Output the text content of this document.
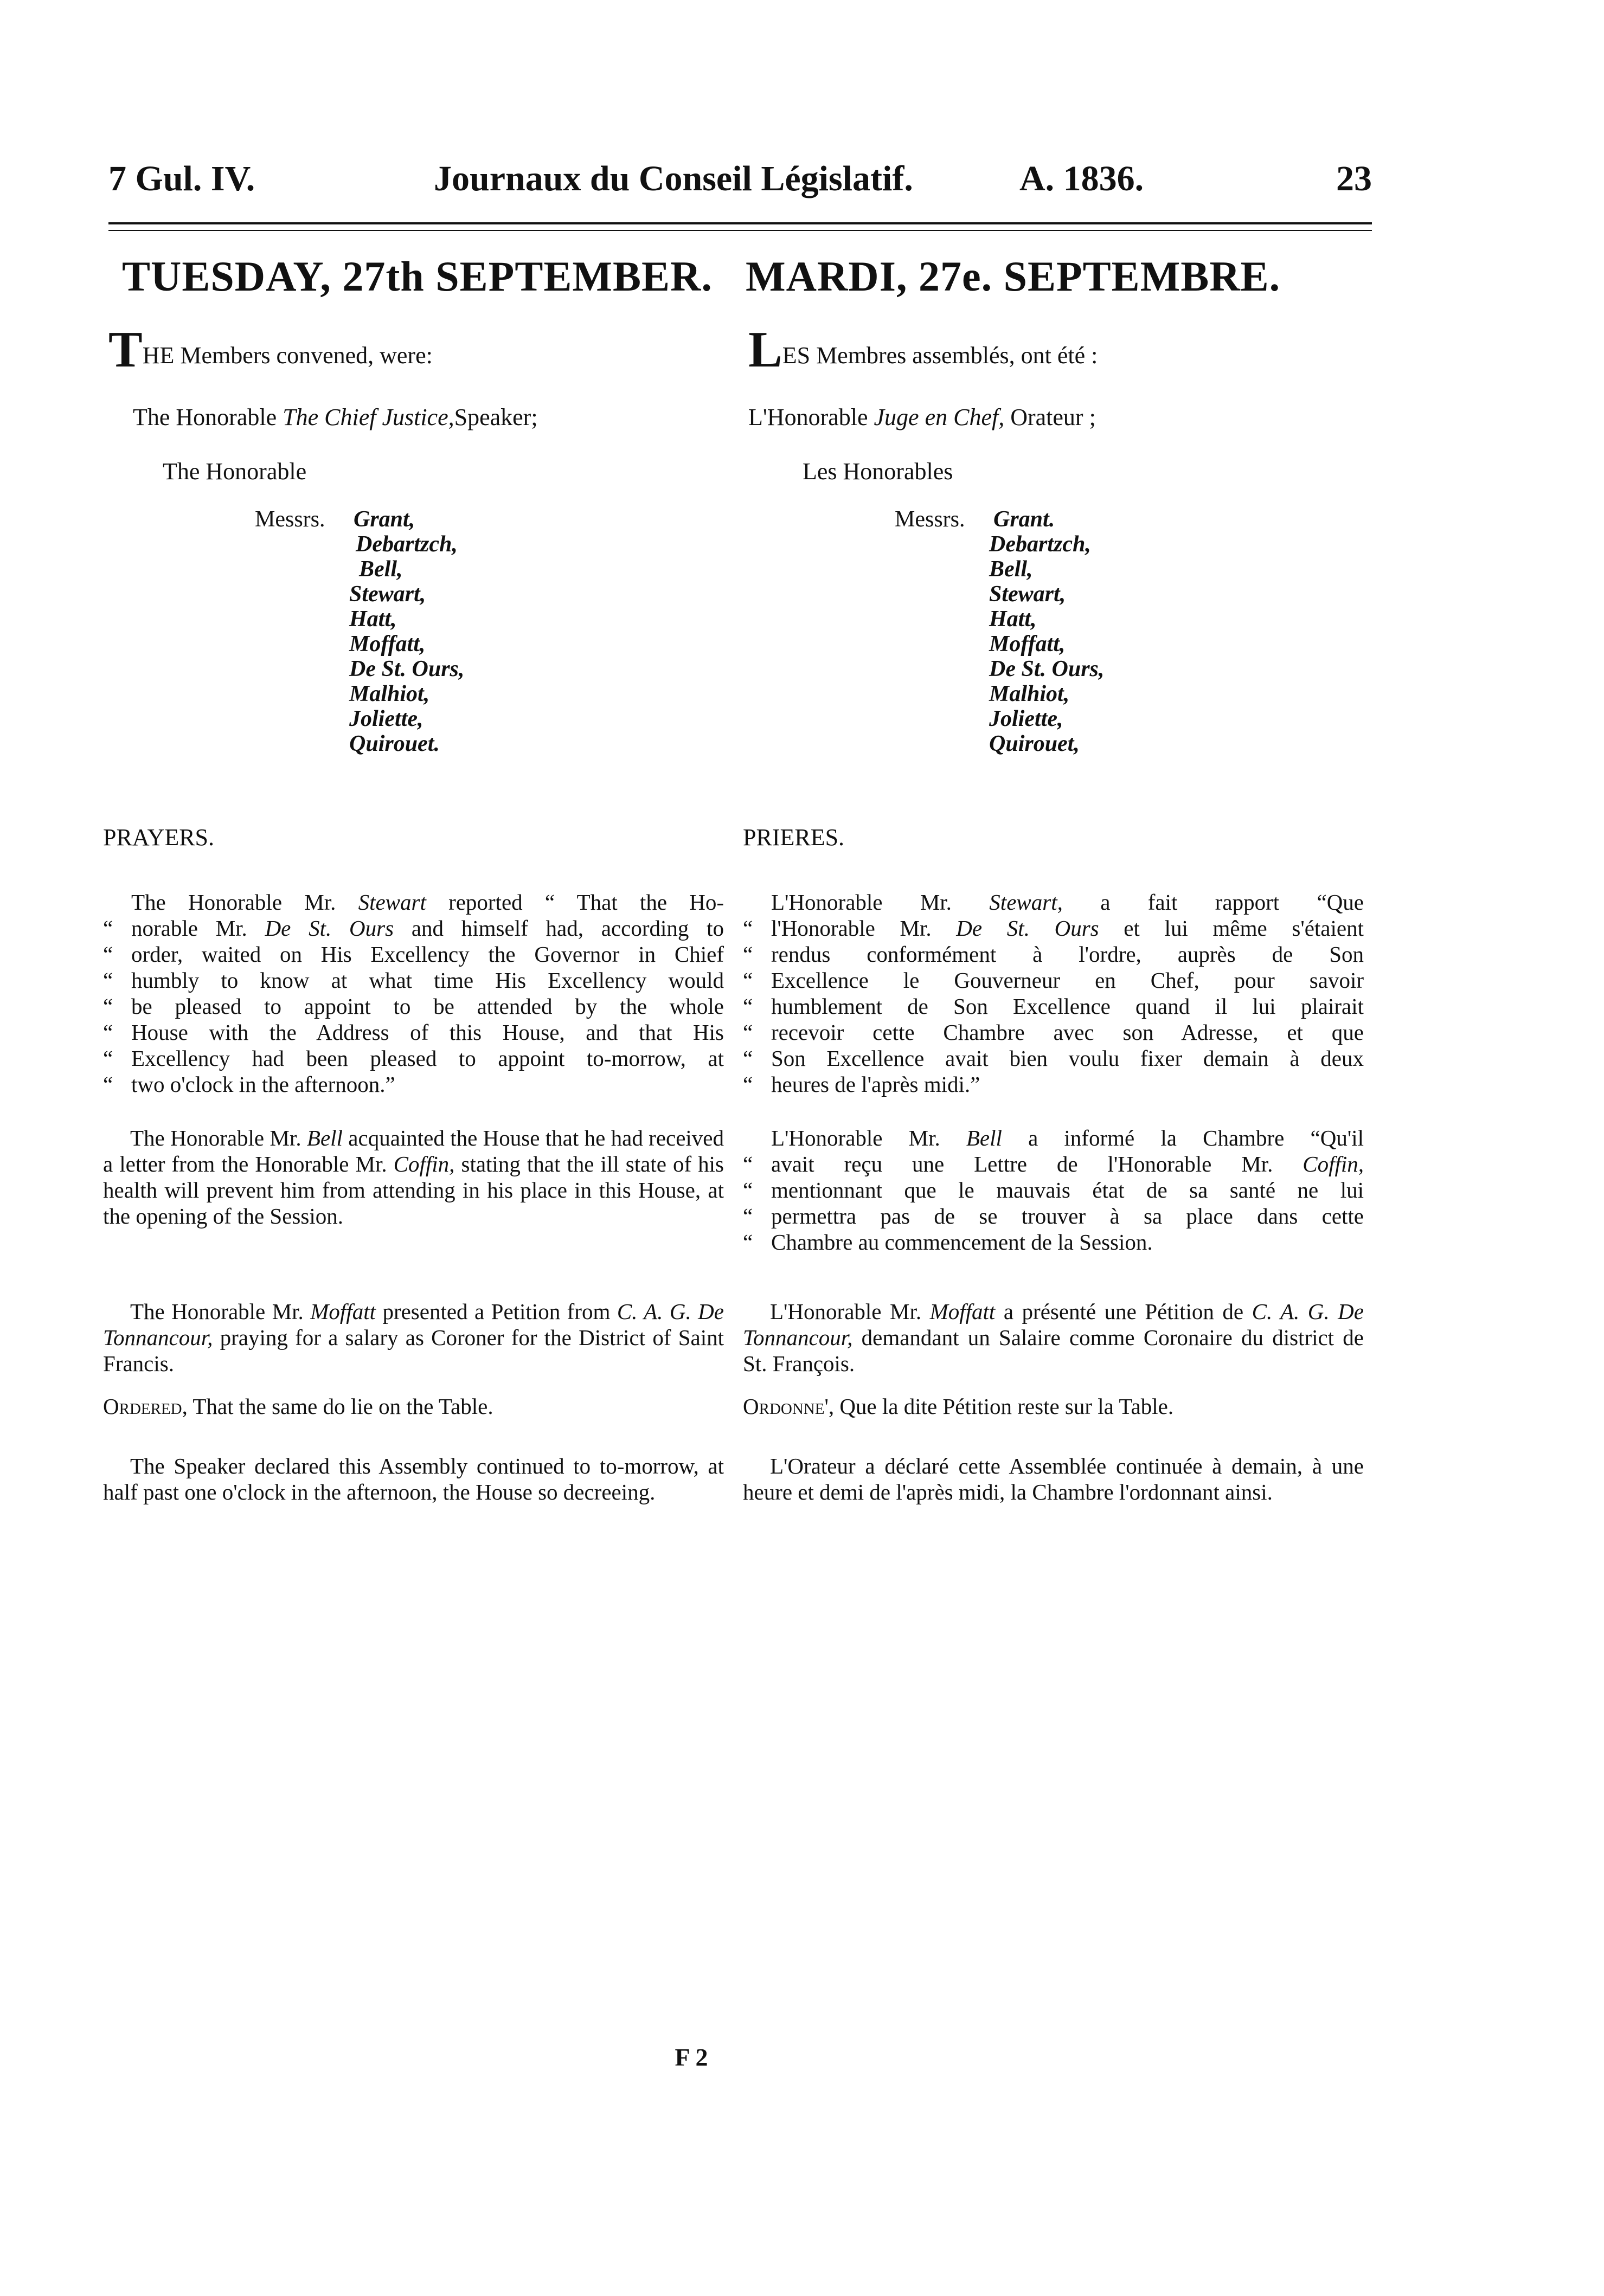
7 Gul. IV.	Journaux du Conseil Législatif.	A. 1836.	23
TUESDAY, 27th SEPTEMBER.
THE Members convened, were:
The Honorable The Chief Justice,Speaker;
The Honorable
Messrs. Grant,
Debartzch,
Bell,
Stewart,
Hatt,
Moffatt,
De St. Ours,
Malhiot,
Joliette,
Quirouet.
PRAYERS.
The Honorable Mr. Stewart reported “ That the Ho-
“ norable Mr. De St. Ours and himself had, according to
“ order, waited on His Excellency the Governor in Chief
“ humbly to know at what time His Excellency would
“ be pleased to appoint to be attended by the whole
“ House with the Address of this House, and that His
“ Excellency had been pleased to appoint to-morrow, at
“ two o'clock in the afternoon.”

The Honorable Mr. Bell acquainted the House that he had received a letter from the Honorable Mr. Coffin, stating that the ill state of his health will prevent him from attending in his place in this House, at the opening of the Session.

The Honorable Mr. Moffatt presented a Petition from C. A. G. De Tonnancour, praying for a salary as Coroner for the District of Saint Francis.

Ordered, That the same do lie on the Table.

The Speaker declared this Assembly continued to to-morrow, at half past one o'clock in the afternoon, the House so decreeing.

MARDI, 27e. SEPTEMBRE.
LES Membres assemblés, ont été :
L'Honorable Juge en Chef, Orateur ;
Les Honorables
Messrs. Grant.
Debartzch,
Bell,
Stewart,
Hatt,
Moffatt,
De St. Ours,
Malhiot,
Joliette,
Quirouet,
PRIERES.
L'Honorable Mr. Stewart, a fait rapport “Que
“ l'Honorable Mr. De St. Ours et lui même s'étaient
“ rendus conformément à l'ordre, auprès de Son
“ Excellence le Gouverneur en Chef, pour savoir
“ humblement de Son Excellence quand il lui plairait
“ recevoir cette Chambre avec son Adresse, et que
“ Son Excellence avait bien voulu fixer demain à deux
“ heures de l'après midi.”
L'Honorable Mr. Bell a informé la Chambre “Qu'il
“ avait reçu une Lettre de l'Honorable Mr. Coffin,
“ mentionnant que le mauvais état de sa santé ne lui
“ permettra pas de se trouver à sa place dans cette
“ Chambre au commencement de la Session.

L'Honorable Mr. Moffatt a présenté une Pétition de C. A. G. De Tonnancour, demandant un Salaire comme Coronaire du district de St. François.

Ordonne', Que la dite Pétition reste sur la Table.

L'Orateur a déclaré cette Assemblée continuée à demain, à une heure et demi de l'après midi, la Chambre l'ordonnant ainsi.

F 2
